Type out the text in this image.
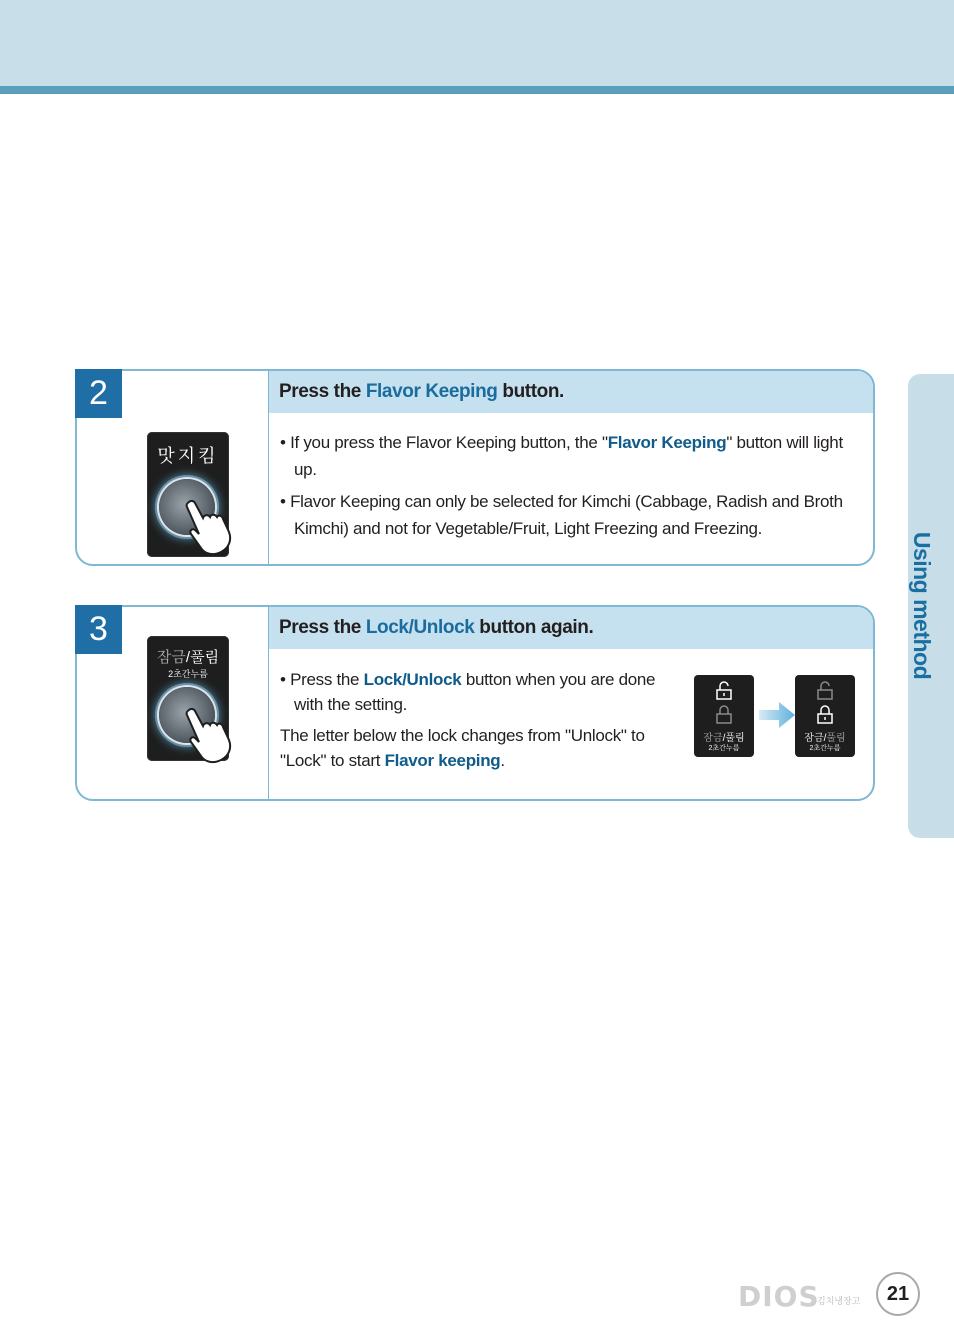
Using method
2	Press the Flavor Keeping button.
맛지킴
• If you press the Flavor Keeping button, the "Flavor Keeping" button will light up.
• Flavor Keeping can only be selected for Kimchi (Cabbage, Radish and Broth Kimchi) and not for Vegetable/Fruit, Light Freezing and Freezing.
3	Press the Lock/Unlock button again.
잠금/풀림
2초간누름	• Press the Lock/Unlock button when you are done with the setting.
The letter below the lock changes from "Unlock" to "Lock" to start Flavor keeping.
잠금/풀림
2초간누름
잠금/풀림
2초간누름
DIOS
김치냉장고	21
